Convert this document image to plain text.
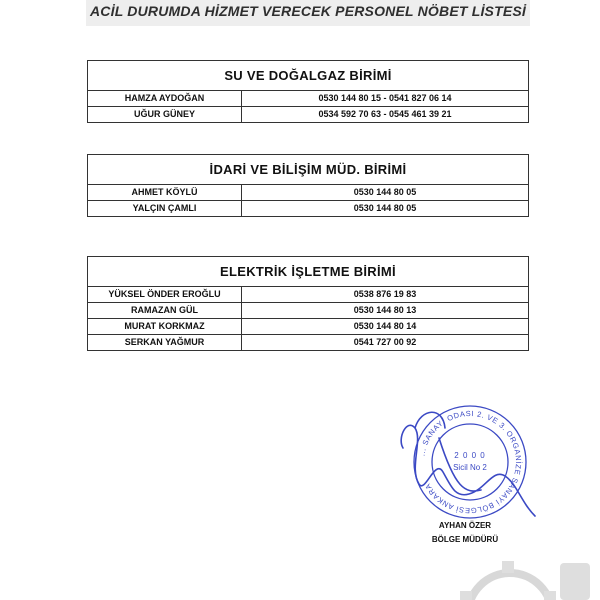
ACİL DURUMDA HİZMET VERECEK PERSONEL NÖBET LİSTESİ
SU VE DOĞALGAZ BİRİMİ
HAMZA AYDOĞAN	0530 144 80 15 - 0541 827 06 14
UĞUR GÜNEY	0534 592 70 63 - 0545 461 39 21
İDARİ VE BİLİŞİM MÜD. BİRİMİ
AHMET KÖYLÜ	0530 144 80 05
YALÇIN ÇAMLI	0530 144 80 05
ELEKTRİK İŞLETME BİRİMİ
YÜKSEL ÖNDER EROĞLU	0538 876 19 83
RAMAZAN GÜL	0530 144 80 13
MURAT KORKMAZ	0530 144 80 14
SERKAN YAĞMUR	0541 727 00 92
... SANAYİ ODASI 2. VE 3. ORGANİZE SANAYİ BÖLGESİ ANKARA
2 0 0 0
Sicil No 2
AYHAN ÖZER
BÖLGE MÜDÜRÜ
